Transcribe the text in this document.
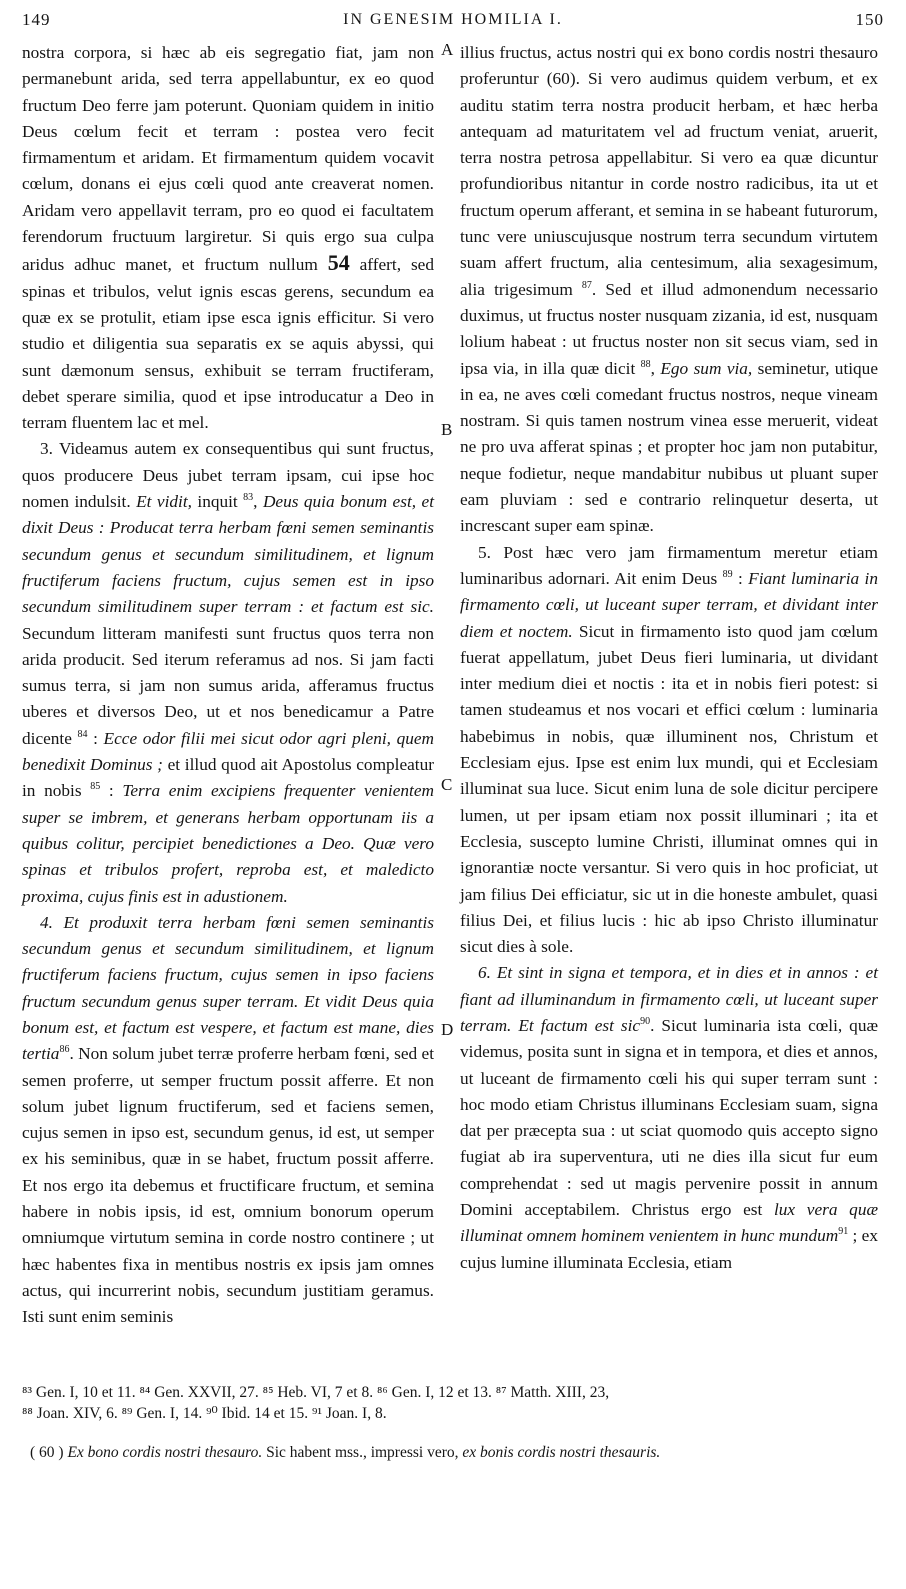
149	IN GENESIM HOMILIA I.	150
A
B
C
D

nostra corpora, si hæc ab eis segregatio fiat, jam non permanebunt arida, sed terra appellabuntur, ex eo quod fructum Deo ferre jam poterunt. Quoniam quidem in initio Deus cœlum fecit et terram : postea vero fecit firmamentum et aridam. Et firmamentum quidem vocavit cœlum, donans ei ejus cœli quod ante creaverat nomen. Aridam vero appellavit terram, pro eo quod ei facultatem ferendorum fructuum largiretur. Si quis ergo sua culpa aridus adhuc manet, et fructum nullum 54 affert, sed spinas et tribulos, velut ignis escas gerens, secundum ea quæ ex se protulit, etiam ipse esca ignis efficitur. Si vero studio et diligentia sua separatis ex se aquis abyssi, qui sunt dæmonum sensus, exhibuit se terram fructiferam, debet sperare similia, quod et ipse introducatur a Deo in terram fluentem lac et mel.

3. Videamus autem ex consequentibus qui sunt fructus, quos producere Deus jubet terram ipsam, cui ipse hoc nomen indulsit. Et vidit, inquit $^{83}$, Deus quia bonum est, et dixit Deus : Producat terra herbam fœni semen seminantis secundum genus et secundum similitudinem, et lignum fructiferum faciens fructum, cujus semen est in ipso secundum similitudinem super terram : et factum est sic. Secundum litteram manifesti sunt fructus quos terra non arida producit. Sed iterum referamus ad nos. Si jam facti sumus terra, si jam non sumus arida, afferamus fructus uberes et diversos Deo, ut et nos benedicamur a Patre dicente $^{84}$ : Ecce odor filii mei sicut odor agri pleni, quem benedixit Dominus ; et illud quod ait Apostolus compleatur in nobis $^{85}$ : Terra enim excipiens frequenter venientem super se imbrem, et generans herbam opportunam iis a quibus colitur, percipiet benedictiones a Deo. Quæ vero spinas et tribulos profert, reproba est, et maledicto proxima, cujus finis est in adustionem.

4. Et produxit terra herbam fœni semen seminantis secundum genus et secundum similitudinem, et lignum fructiferum faciens fructum, cujus semen in ipso faciens fructum secundum genus super terram. Et vidit Deus quia bonum est, et factum est vespere, et factum est mane, dies tertia$^{86}$. Non solum jubet terræ proferre herbam fœni, sed et semen proferre, ut semper fructum possit afferre. Et non solum jubet lignum fructiferum, sed et faciens semen, cujus semen in ipso est, secundum genus, id est, ut semper ex his seminibus, quæ in se habet, fructum possit afferre. Et nos ergo ita debemus et fructificare fructum, et semina habere in nobis ipsis, id est, omnium bonorum operum omniumque virtutum semina in corde nostro continere ; ut hæc habentes fixa in mentibus nostris ex ipsis jam omnes actus, qui incurrerint nobis, secundum justitiam geramus. Isti sunt enim seminis

illius fructus, actus nostri qui ex bono cordis nostri thesauro proferuntur (60). Si vero audimus quidem verbum, et ex auditu statim terra nostra producit herbam, et hæc herba antequam ad maturitatem vel ad fructum veniat, aruerit, terra nostra petrosa appellabitur. Si vero ea quæ dicuntur profundioribus nitantur in corde nostro radicibus, ita ut et fructum operum afferant, et semina in se habeant futurorum, tunc vere uniuscujusque nostrum terra secundum virtutem suam affert fructum, alia centesimum, alia sexagesimum, alia trigesimum $^{87}$. Sed et illud admonendum necessario duximus, ut fructus noster nusquam zizania, id est, nusquam lolium habeat : ut fructus noster non sit secus viam, sed in ipsa via, in illa quæ dicit $^{88}$, Ego sum via, seminetur, utique in ea, ne aves cœli comedant fructus nostros, neque vineam nostram. Si quis tamen nostrum vinea esse meruerit, videat ne pro uva afferat spinas ; et propter hoc jam non putabitur, neque fodietur, neque mandabitur nubibus ut pluant super eam pluviam : sed e contrario relinquetur deserta, ut increscant super eam spinæ.

5. Post hæc vero jam firmamentum meretur etiam luminaribus adornari. Ait enim Deus $^{89}$ : Fiant luminaria in firmamento cœli, ut luceant super terram, et dividant inter diem et noctem. Sicut in firmamento isto quod jam cœlum fuerat appellatum, jubet Deus fieri luminaria, ut dividant inter medium diei et noctis : ita et in nobis fieri potest: si tamen studeamus et nos vocari et effici cœlum : luminaria habebimus in nobis, quæ illuminent nos, Christum et Ecclesiam ejus. Ipse est enim lux mundi, qui et Ecclesiam illuminat sua luce. Sicut enim luna de sole dicitur percipere lumen, ut per ipsam etiam nox possit illuminari ; ita et Ecclesia, suscepto lumine Christi, illuminat omnes qui in ignorantiæ nocte versantur. Si vero quis in hoc proficiat, ut jam filius Dei efficiatur, sic ut in die honeste ambulet, quasi filius Dei, et filius lucis : hic ab ipso Christo illuminatur sicut dies à sole.

6. Et sint in signa et tempora, et in dies et in annos : et fiant ad illuminandum in firmamento cœli, ut luceant super terram. Et factum est sic$^{90}$. Sicut luminaria ista cœli, quæ videmus, posita sunt in signa et in tempora, et dies et annos, ut luceant de firmamento cœli his qui super terram sunt : hoc modo etiam Christus illuminans Ecclesiam suam, signa dat per præcepta sua : ut sciat quomodo quis accepto signo fugiat ab ira superventura, uti ne dies illa sicut fur eum comprehendat : sed ut magis pervenire possit in annum Domini acceptabilem. Christus ergo est lux vera quæ illuminat omnem hominem venientem in hunc mundum$^{91}$ ; ex cujus lumine illuminata Ecclesia, etiam

⁸³ Gen. I, 10 et 11. ⁸⁴ Gen. XXVII, 27. ⁸⁵ Heb. VI, 7 et 8. ⁸⁶ Gen. I, 12 et 13. ⁸⁷ Matth. XIII, 23,
⁸⁸ Joan. XIV, 6. ⁸⁹ Gen. I, 14. ⁹⁰ Ibid. 14 et 15. ⁹¹ Joan. I, 8.
( 60 ) Ex bono cordis nostri thesauro. Sic habent mss., impressi vero, ex bonis cordis nostri thesauris.
